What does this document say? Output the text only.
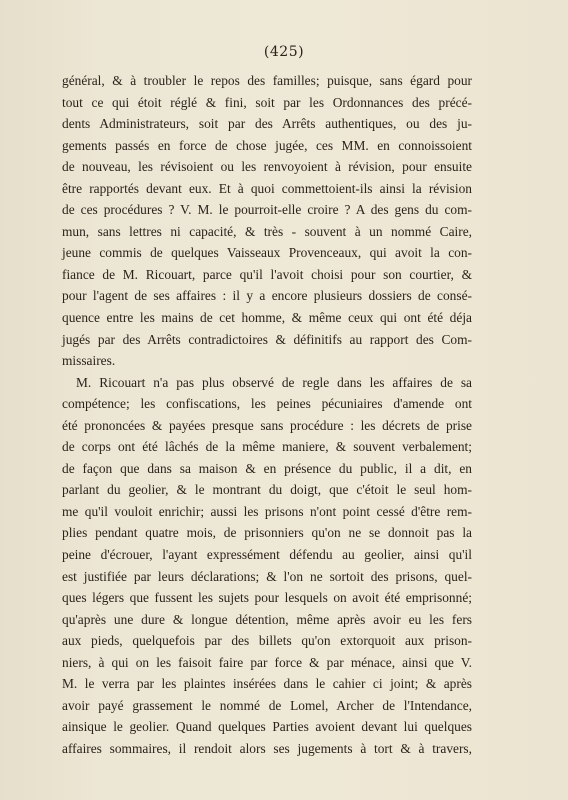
(425)
général, & à troubler le repos des familles; puisque, sans égard pour
tout ce qui étoit réglé & fini, soit par les Ordonnances des précé-
dents Administrateurs, soit par des Arrêts authentiques, ou des ju-
gements passés en force de chose jugée, ces MM. en connoissoient
de nouveau, les révisoient ou les renvoyoient à révision, pour ensuite
être rapportés devant eux. Et à quoi commettoient-ils ainsi la révision
de ces procédures ? V. M. le pourroit-elle croire ? A des gens du com-
mun, sans lettres ni capacité, & très - souvent à un nommé Caire,
jeune commis de quelques Vaisseaux Provenceaux, qui avoit la con-
fiance de M. Ricouart, parce qu'il l'avoit choisi pour son courtier, &
pour l'agent de ses affaires : il y a encore plusieurs dossiers de consé-
quence entre les mains de cet homme, & même ceux qui ont été déja
jugés par des Arrêts contradictoires & définitifs au rapport des Com-
missaires.
M. Ricouart n'a pas plus observé de regle dans les affaires de sa
compétence; les confiscations, les peines pécuniaires d'amende ont
été prononcées & payées presque sans procédure : les décrets de prise
de corps ont été lâchés de la même maniere, & souvent verbalement;
de façon que dans sa maison & en présence du public, il a dit, en
parlant du geolier, & le montrant du doigt, que c'étoit le seul hom-
me qu'il vouloit enrichir; aussi les prisons n'ont point cessé d'être rem-
plies pendant quatre mois, de prisonniers qu'on ne se donnoit pas la
peine d'écrouer, l'ayant expressément défendu au geolier, ainsi qu'il
est justifiée par leurs déclarations; & l'on ne sortoit des prisons, quel-
ques légers que fussent les sujets pour lesquels on avoit été emprisonné;
qu'après une dure & longue détention, même après avoir eu les fers
aux pieds, quelquefois par des billets qu'on extorquoit aux prison-
niers, à qui on les faisoit faire par force & par ménace, ainsi que V.
M. le verra par les plaintes insérées dans le cahier ci joint; & après
avoir payé grassement le nommé de Lomel, Archer de l'Intendance,
ainsique le geolier. Quand quelques Parties avoient devant lui quelques
affaires sommaires, il rendoit alors ses jugements à tort & à travers,
